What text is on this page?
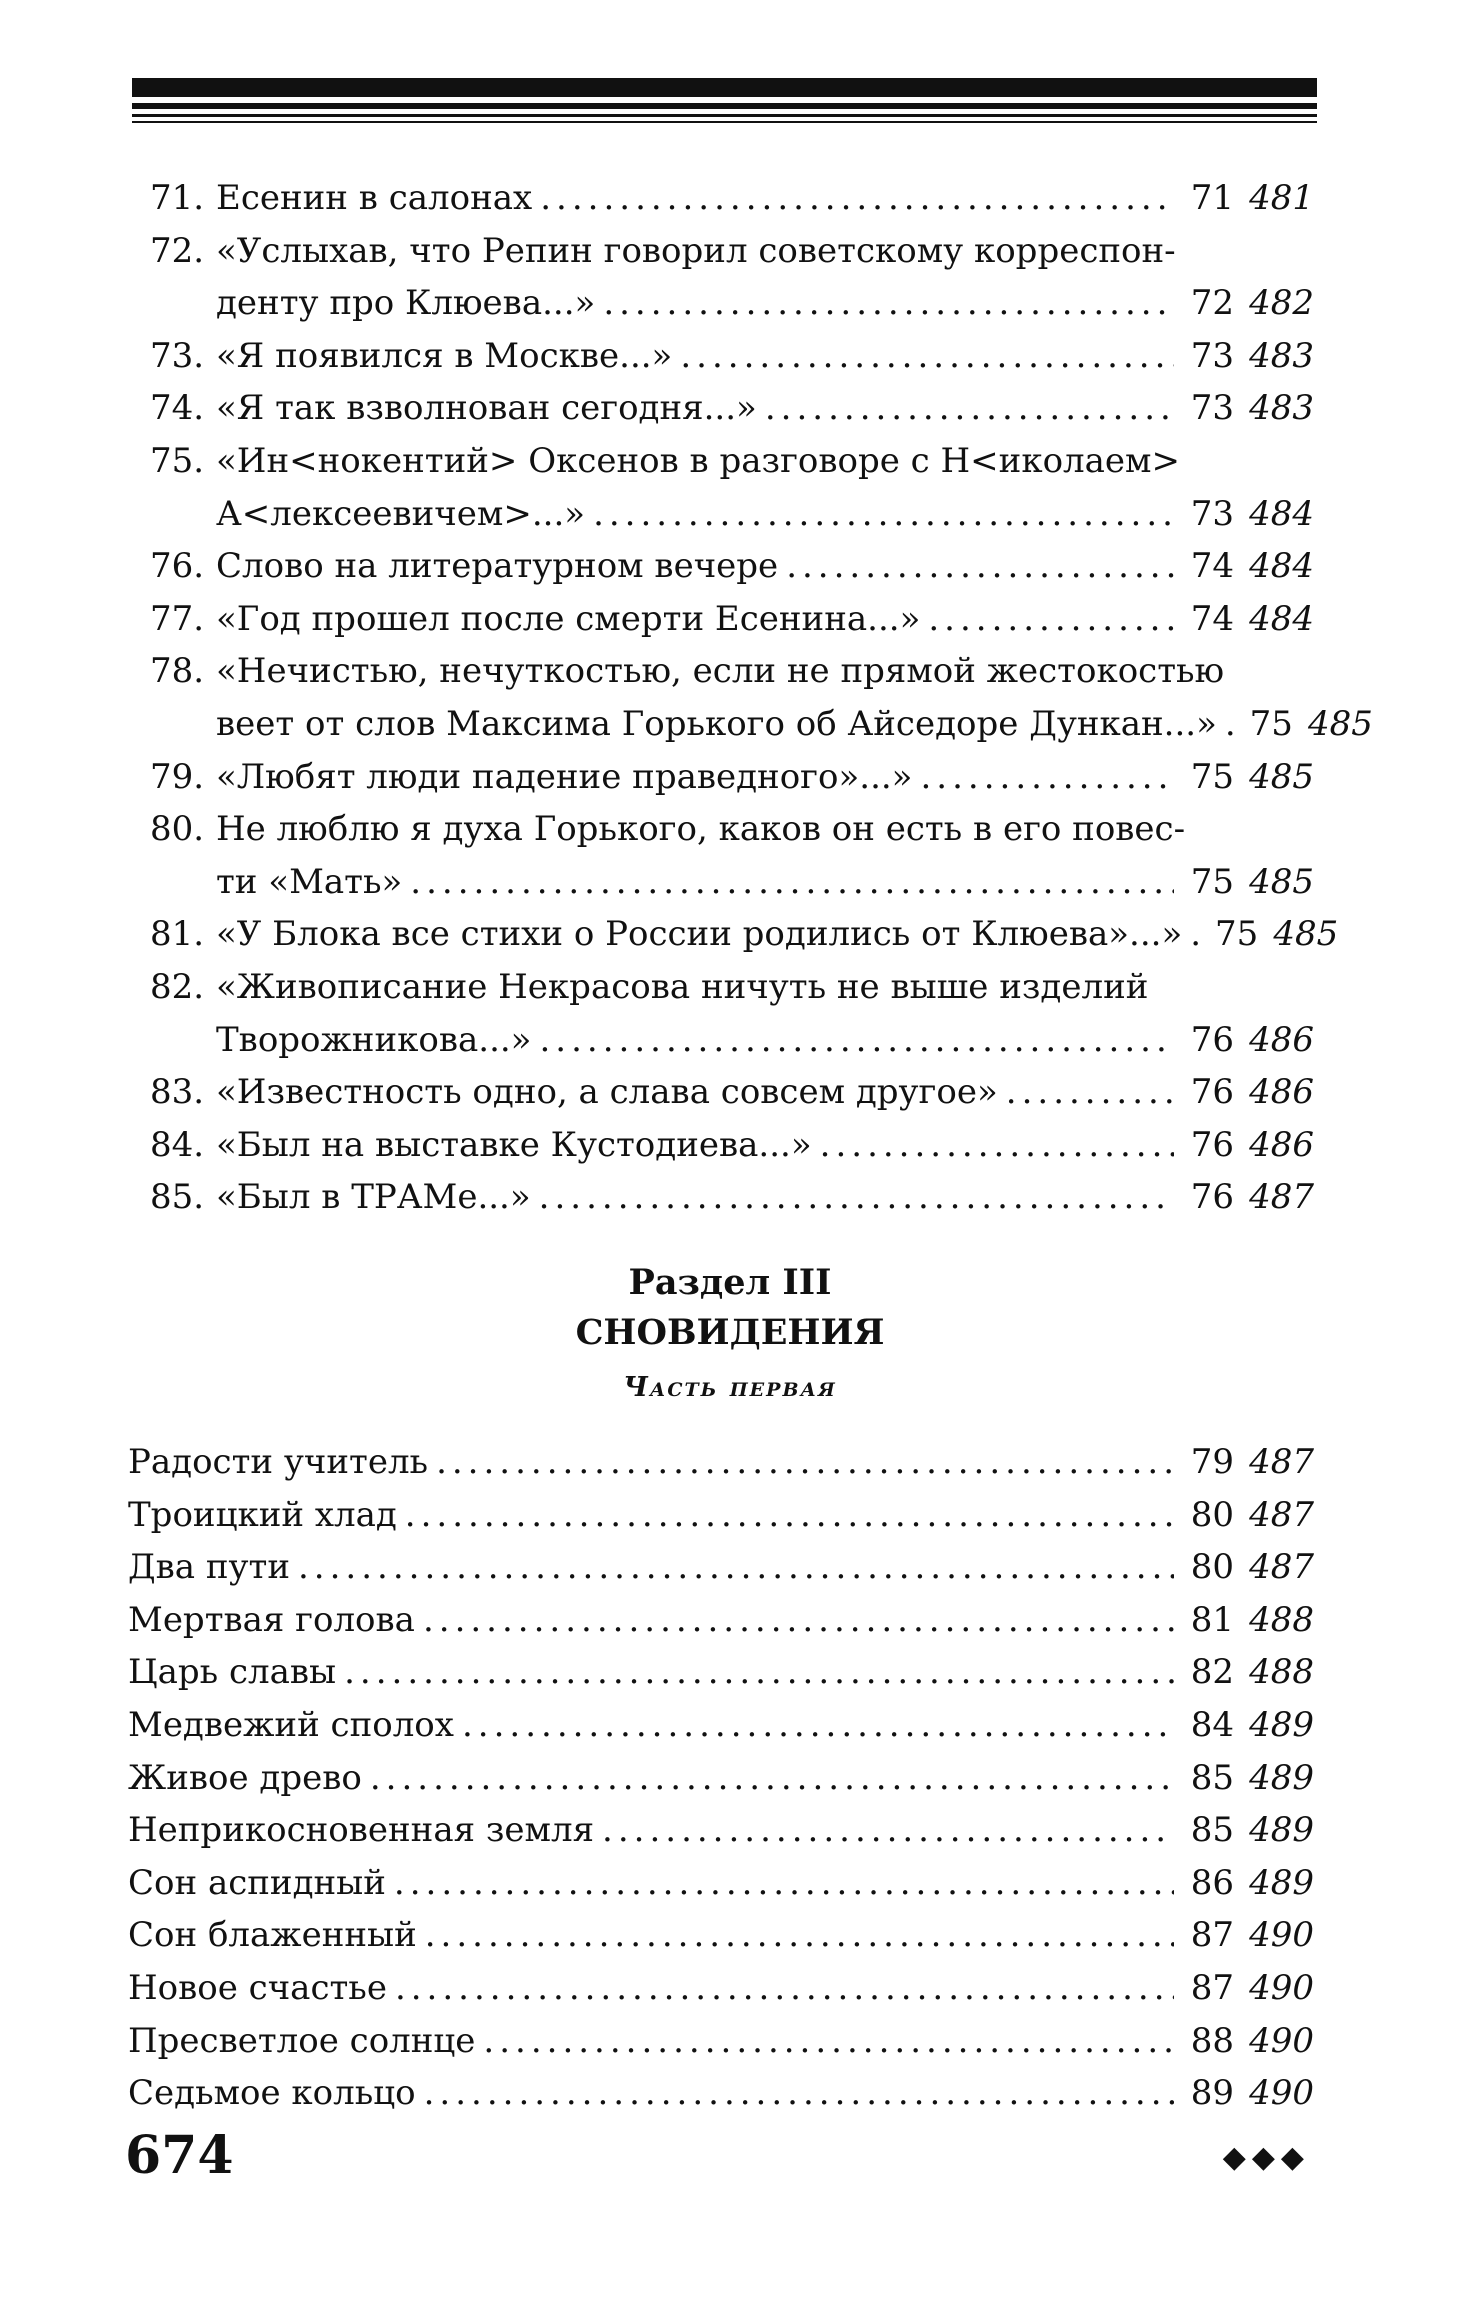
71. Есенин в салонах .....	71 481
72. «Услыхав, что Репин говорил советскому корреспон-
денту про Клюева...» .....	72 482
73. «Я появился в Москве...» .....	73 483
74. «Я так взволнован сегодня...» .....	73 483
75. «Ин<нокентий> Оксенов в разговоре с Н<иколаем>
А<лексеевичем>...» .....	73 484
76. Слово на литературном вечере .....	74 484
77. «Год прошел после смерти Есенина...» .....	74 484
78. «Нечистью, нечуткостью, если не прямой жестокостью
веет от слов Максима Горького об Айседоре Дункан...» ..... 75 485
79. «Любят люди падение праведного»...» .....	75 485
80. Не люблю я духа Горького, каков он есть в его повес-
ти «Мать» .....	75 485
81. «У Блока все стихи о России родились от Клюева»...» ..... 75 485
82. «Живописание Некрасова ничуть не выше изделий
Творожникова...» .....	76 486
83. «Известность одно, а слава совсем другое» .....	76 486
84. «Был на выставке Кустодиева...» .....	76 486
85. «Был в ТРАМе...» .....	76 487
Раздел III
СНОВИДЕНИЯ
Часть первая
Радости учитель .....	79 487
Троицкий хлад .....	80 487
Два пути .....	80 487
Мертвая голова .....	81 488
Царь славы .....	82 488
Медвежий сполох .....	84 489
Живое древо .....	85 489
Неприкосновенная земля .....	85 489
Сон аспидный .....	86 489
Сон блаженный .....	87 490
Новое счастье .....	87 490
Пресветлое солнце .....	88 490
Седьмое кольцо .....	89 490
674	◆◆◆
